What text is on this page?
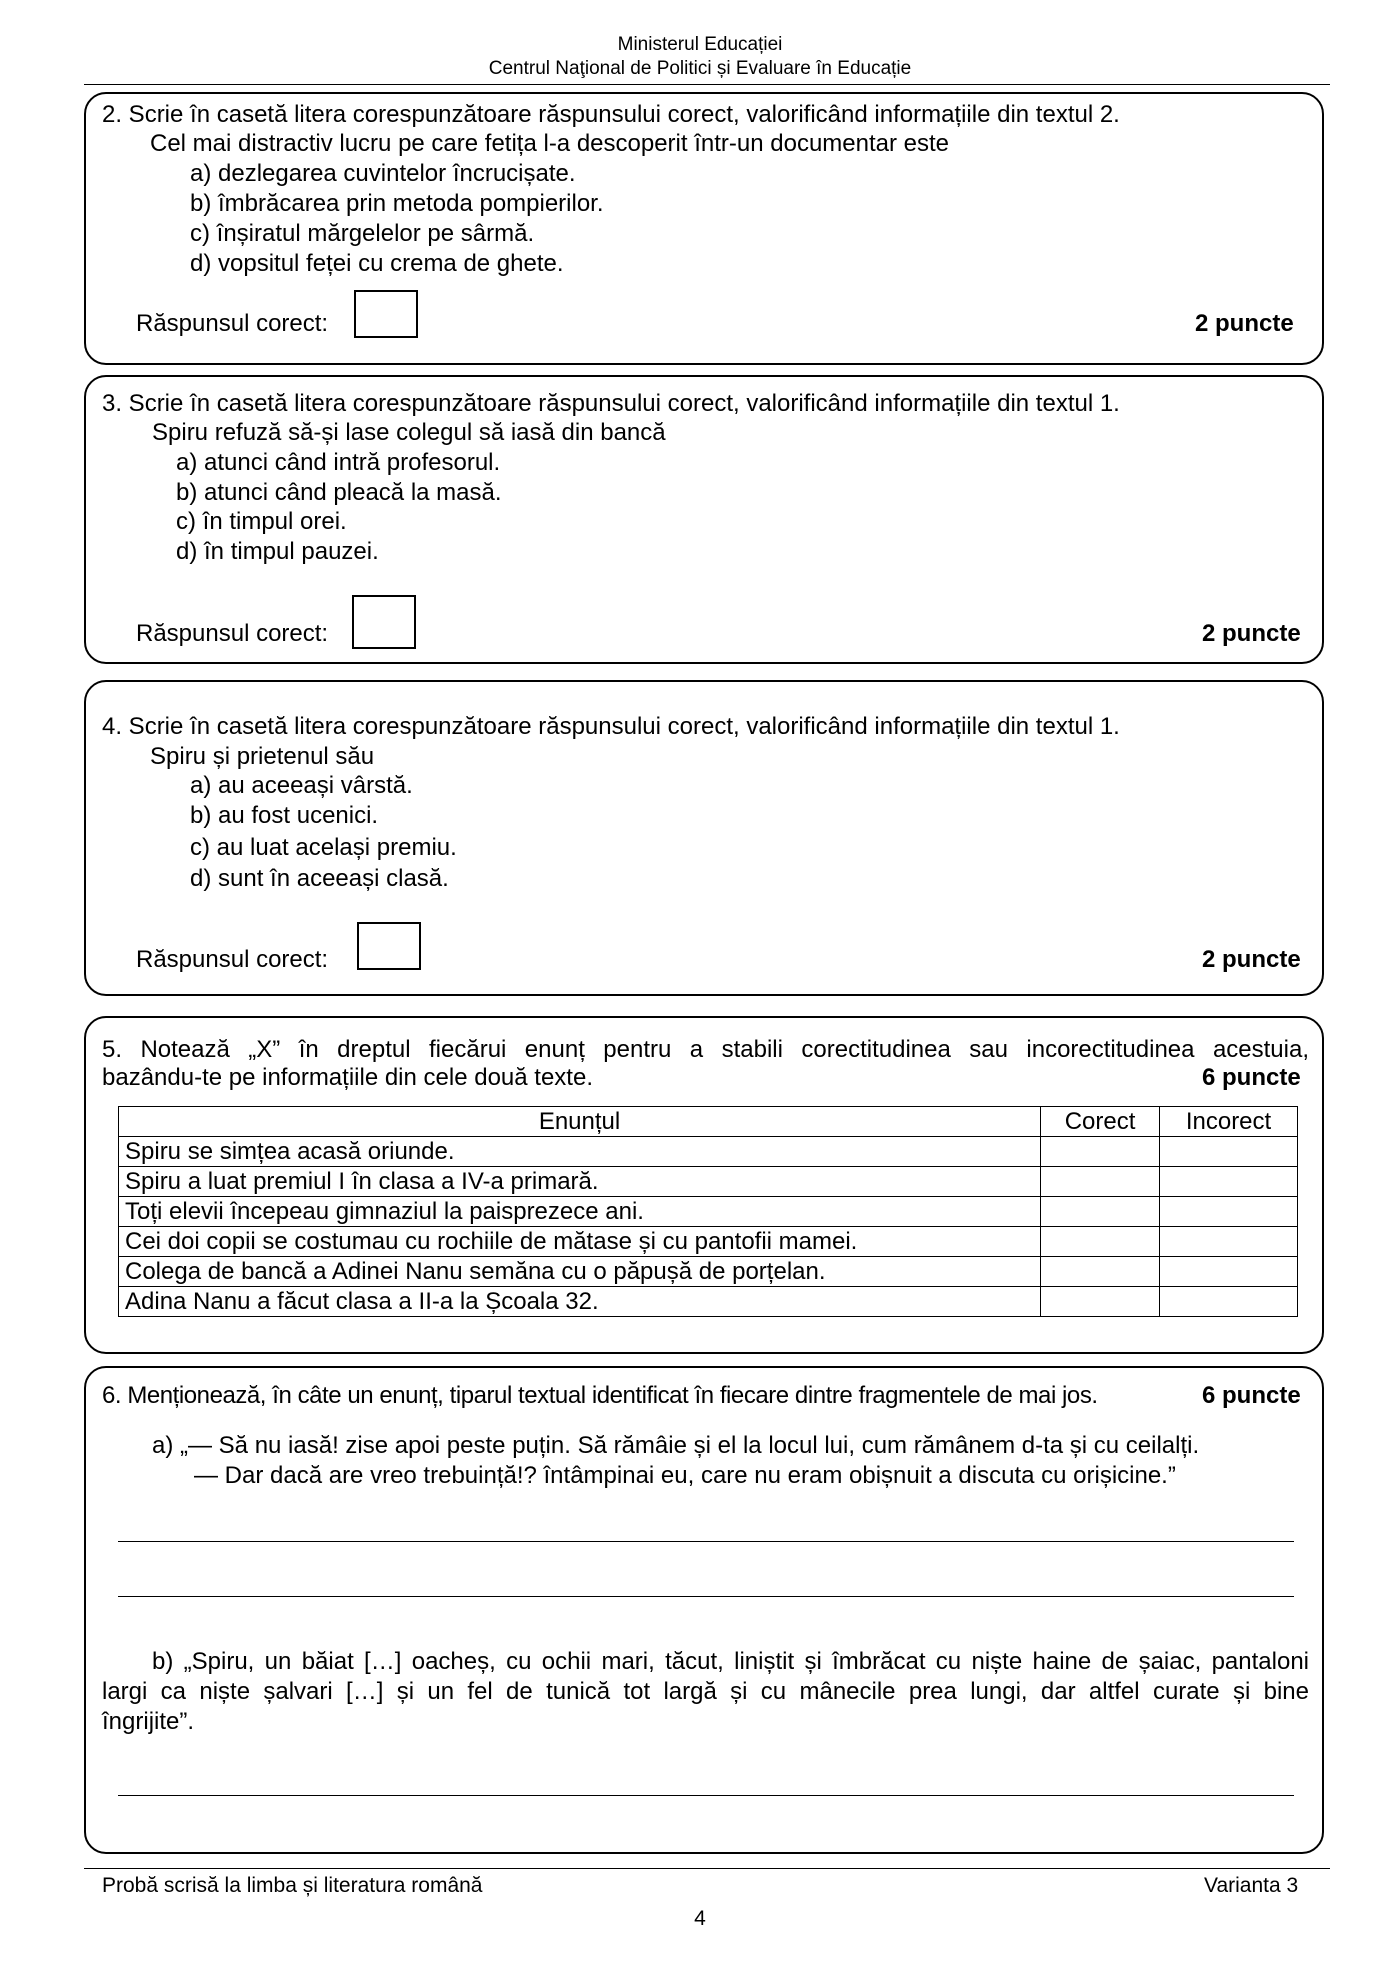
Ministerul Educației
Centrul Naţional de Politici și Evaluare în Educație
2. Scrie în casetă litera corespunzătoare răspunsului corect, valorificând informațiile din textul 2.
Cel mai distractiv lucru pe care fetița l-a descoperit într-un documentar este
a) dezlegarea cuvintelor încrucișate.
b) îmbrăcarea prin metoda pompierilor.
c) înșiratul mărgelelor pe sârmă.
d) vopsitul feței cu crema de ghete.
Răspunsul corect:	2 puncte
3. Scrie în casetă litera corespunzătoare răspunsului corect, valorificând informațiile din textul 1.
Spiru refuză să-și lase colegul să iasă din bancă
a) atunci când intră profesorul.
b) atunci când pleacă la masă.
c) în timpul orei.
d) în timpul pauzei.
Răspunsul corect:	2 puncte
4. Scrie în casetă litera corespunzătoare răspunsului corect, valorificând informațiile din textul 1.
Spiru și prietenul său
a) au aceeași vârstă.
b) au fost ucenici.
c) au luat același premiu.
d) sunt în aceeași clasă.
Răspunsul corect:	2 puncte
5. Notează „X” în dreptul fiecărui enunț pentru a stabili corectitudinea sau incorectitudinea acestuia,
bazându-te pe informațiile din cele două texte.	6 puncte
Enunțul	Corect	Incorect
Spiru se simțea acasă oriunde.		
Spiru a luat premiul I în clasa a IV-a primară.		
Toți elevii începeau gimnaziul la paisprezece ani.		
Cei doi copii se costumau cu rochiile de mătase și cu pantofii mamei.		
Colega de bancă a Adinei Nanu semăna cu o păpușă de porțelan.		
Adina Nanu a făcut clasa a II-a la Școala 32.		
6. Menționează, în câte un enunț, tiparul textual identificat în fiecare dintre fragmentele de mai jos.	6 puncte
a) „— Să nu iasă! zise apoi peste puțin. Să rămâie și el la locul lui, cum rămânem d-ta și cu ceilalți.
— Dar dacă are vreo trebuință!? întâmpinai eu, care nu eram obișnuit a discuta cu orișicine.”
b) „Spiru, un băiat […] oacheș, cu ochii mari, tăcut, liniștit și îmbrăcat cu niște haine de șaiac, pantaloni
largi ca niște șalvari […] și un fel de tunică tot largă și cu mânecile prea lungi, dar altfel curate și bine
îngrijite”.
Probă scrisă la limba și literatura română	Varianta 3
4
